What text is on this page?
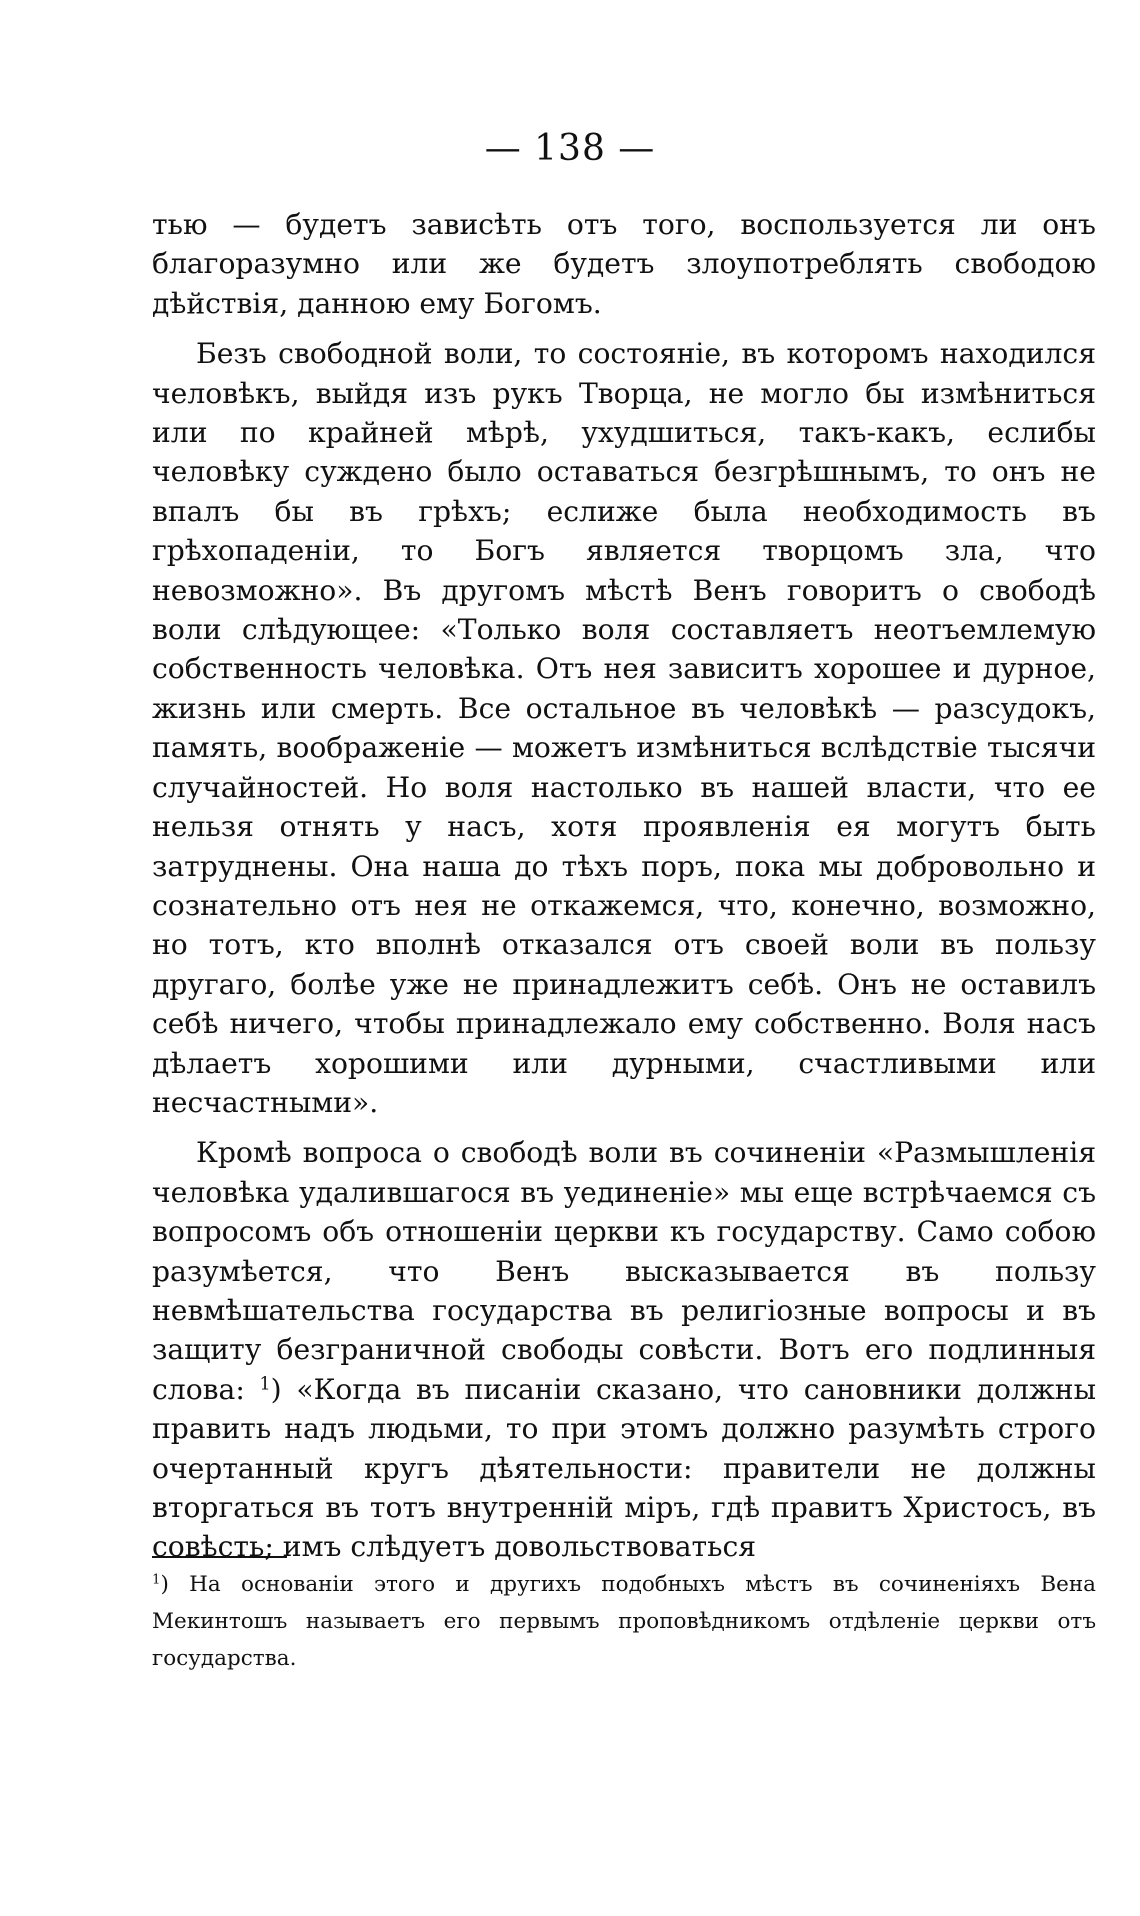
— 138 —

тью — будетъ зависѣть отъ того, воспользуется ли онъ благоразумно или же будетъ злоупотреблять свободою дѣйствія, данною ему Богомъ.

Безъ свободной воли, то состояніе, въ которомъ находился человѣкъ, выйдя изъ рукъ Творца, не могло бы измѣниться или по крайней мѣрѣ, ухудшиться, такъ-какъ, еслибы человѣку суждено было оставаться безгрѣшнымъ, то онъ не впалъ бы въ грѣхъ; еслиже была необходимость въ грѣхопаденіи, то Богъ является творцомъ зла, что невозможно». Въ другомъ мѣстѣ Венъ говоритъ о свободѣ воли слѣдующее: «Только воля составляетъ неотъемлемую собственность человѣка. Отъ нея зависитъ хорошее и дурное, жизнь или смерть. Все остальное въ человѣкѣ — разсудокъ, память, воображеніе — можетъ измѣниться вслѣдствіе тысячи случайностей. Но воля настолько въ нашей власти, что ее нельзя отнять у насъ, хотя проявленія ея могутъ быть затруднены. Она наша до тѣхъ поръ, пока мы добровольно и сознательно отъ нея не откажемся, что, конечно, возможно, но тотъ, кто вполнѣ отказался отъ своей воли въ пользу другаго, болѣе уже не принадлежитъ себѣ. Онъ не оставилъ себѣ ничего, чтобы принадлежало ему собственно. Воля насъ дѣлаетъ хорошими или дурными, счастливыми или несчастными».

Кромѣ вопроса о свободѣ воли въ сочиненіи «Размышленія человѣка удалившагося въ уединеніе» мы еще встрѣчаемся съ вопросомъ объ отношеніи церкви къ государству. Само собою разумѣется, что Венъ высказывается въ пользу невмѣшательства государства въ религіозные вопросы и въ защиту безграничной свободы совѣсти. Вотъ его подлинныя слова: $^1$) «Когда въ писаніи сказано, что сановники должны править надъ людьми, то при этомъ должно разумѣть строго очертанный кругъ дѣятельности: правители не должны вторгаться въ тотъ внутренній міръ, гдѣ правитъ Христосъ, въ совѣсть; имъ слѣдуетъ довольствоваться

$^1$) На основаніи этого и другихъ подобныхъ мѣстъ въ сочиненіяхъ Вена Мекинтошъ называетъ его первымъ проповѣдникомъ отдѣленіе церкви отъ государства.
